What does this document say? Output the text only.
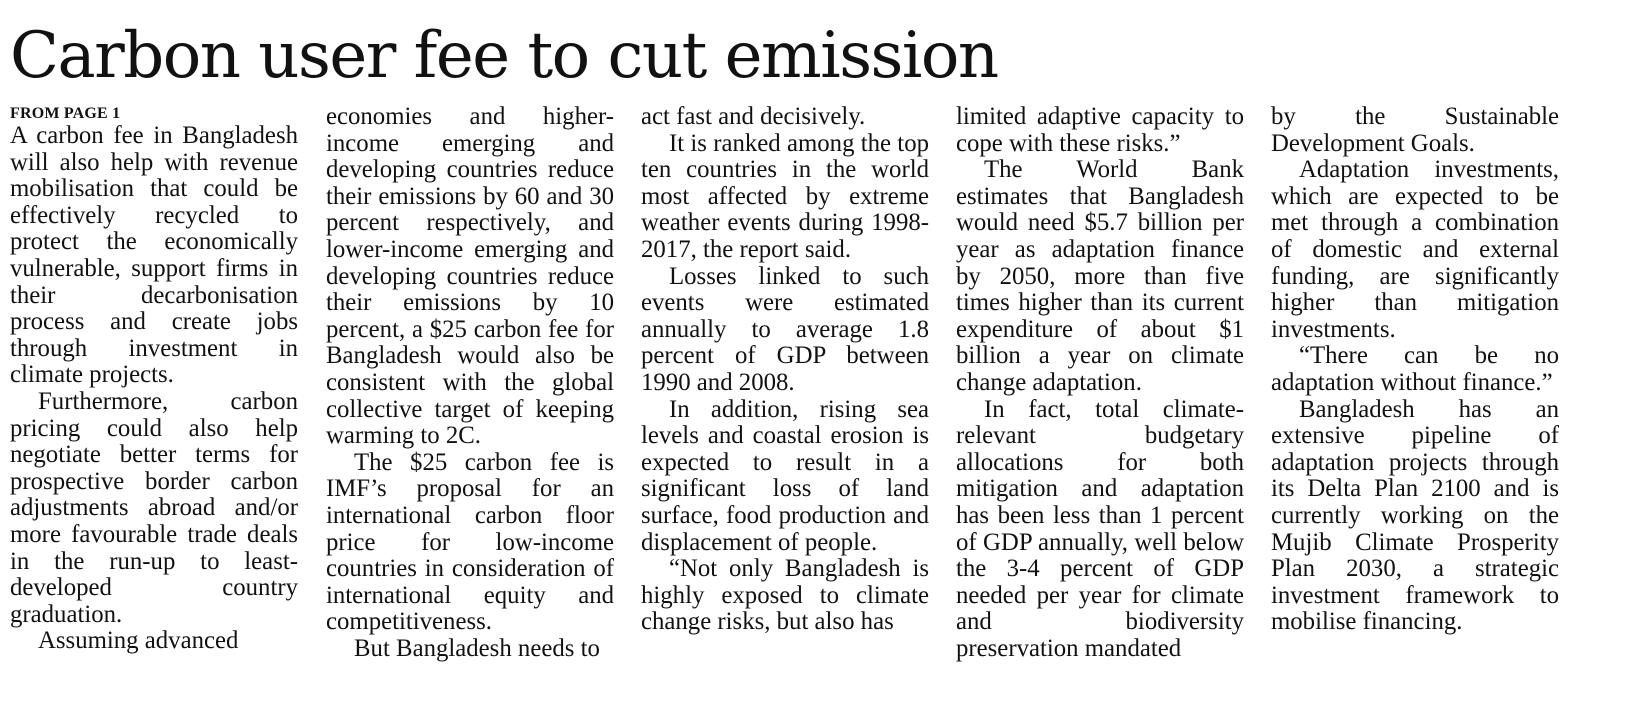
Carbon user fee to cut emission
FROM PAGE 1

A carbon fee in Bangladesh will also help with revenue mobilisation that could be effectively recycled to protect the economically vulnerable, support firms in their decarbonisation process and create jobs through investment in climate projects.

Furthermore, carbon pricing could also help negotiate better terms for prospective border carbon adjustments abroad and/or more favourable trade deals in the run-up to least-developed country graduation.

Assuming advanced

economies and higher-income emerging and developing countries reduce their emissions by 60 and 30 percent respectively, and lower-income emerging and developing countries reduce their emissions by 10 percent, a $25 carbon fee for Bangladesh would also be consistent with the global collective target of keeping warming to 2C.

The $25 carbon fee is IMF’s proposal for an international carbon floor price for low-income countries in consideration of international equity and competitiveness.

But Bangladesh needs to

act fast and decisively.

It is ranked among the top ten countries in the world most affected by extreme weather events during 1998-2017, the report said.

Losses linked to such events were estimated annually to average 1.8 percent of GDP between 1990 and 2008.

In addition, rising sea levels and coastal erosion is expected to result in a significant loss of land surface, food production and displacement of people.

“Not only Bangladesh is highly exposed to climate change risks, but also has

limited adaptive capacity to cope with these risks.”

The World Bank estimates that Bangladesh would need $5.7 billion per year as adaptation finance by 2050, more than five times higher than its current expenditure of about $1 billion a year on climate change adaptation.

In fact, total climate-relevant budgetary allocations for both mitigation and adaptation has been less than 1 percent of GDP annually, well below the 3-4 percent of GDP needed per year for climate and biodiversity preservation mandated

by the Sustainable Development Goals.

Adaptation investments, which are expected to be met through a combination of domestic and external funding, are significantly higher than mitigation investments.

“There can be no adaptation without finance.”

Bangladesh has an extensive pipeline of adaptation projects through its Delta Plan 2100 and is currently working on the Mujib Climate Prosperity Plan 2030, a strategic investment framework to mobilise financing.
